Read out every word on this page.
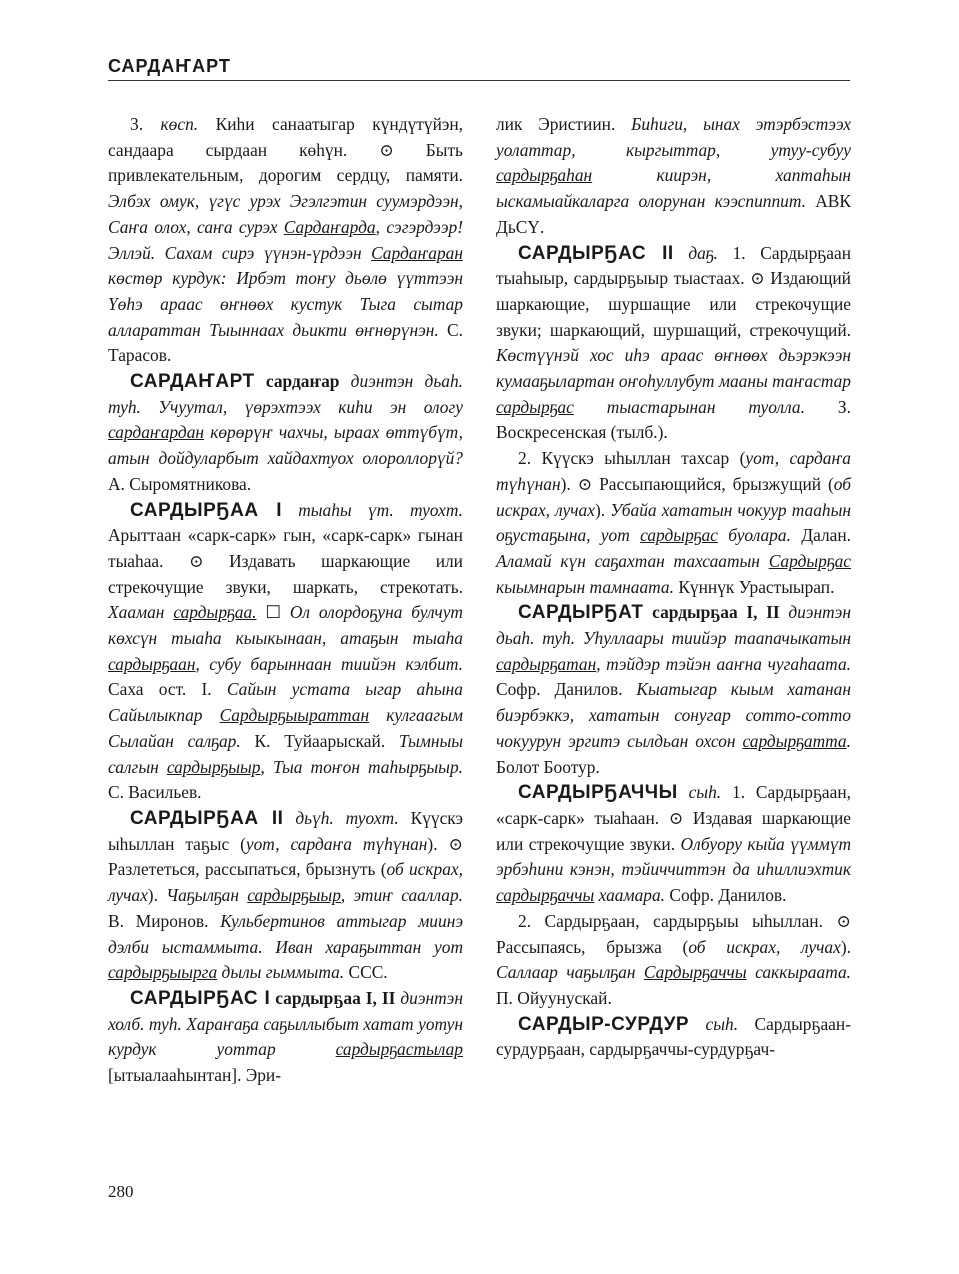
САРДАҤАРТ

3. көсп. Киһи санаатыгар күндүтүйэн, сандаара сырдаан көһүн. ⊙ Быть привлекательным, дорогим сердцу, памяти. Элбэх омук, үгүс урэх Эгэлгэтин суумэрдээн, Саҥа олох, саҥа сурэх Сардаҥарда, сэгэрдээр! Эллэй. Сахам сирэ үүнэн-үрдээн Сардаҥаран көстөр курдук: Ирбэт тоҥу дьөлө үүттээн Үөһэ араас өҥнөөх кустук Тыга сытар аллараттан Тыыннаах дьикти өҥнөрүнэн. С. Тарасов.

САРДАҤАРТ сардаҥар диэнтэн дьаһ. туһ. Учуутал, үөрэхтээх киһи эн ологу сардаҥардан көрөрүҥ чахчы, ыраах өттүбүт, атын дойдуларбыт хайдахтуох олороллорүй? А. Сыромятникова.

САРДЫРҔАА I тыаһы үт. туохт. Арыттаан «сарк-сарк» гын, «сарк-сарк» гынан тыаһаа. ⊙ Издавать шаркающие или стрекочущие звуки, шаркать, стрекотать. Хааман сардырҕаа. ☐ Ол олордоҕуна булчут көхсүн тыаһа кыыкынаан, атаҕын тыаһа сардырҕаан, субу барыннаан тиийэн кэлбит. Саха ост. I. Сайын устата ыгар аһына Сайылыкпар Сардырҕыыраттан кулгаагым Сылайан салҕар. К. Туйаарыскай. Тымныы салгын сардырҕыыр, Тыа тоҥон таһырҕыыр. С. Васильев.

САРДЫРҔАА II дьүһ. туохт. Күүскэ ыһыллан таҕыс (уот, сардаҥа түһүнан). ⊙ Разлететься, рассыпаться, брызнуть (об искрах, лучах). Чаҕылҕан сардырҕыыр, этиҥ сааллар. В. Миронов. Кульбертинов аттыгар миинэ дэлби ыстаммыта. Иван хараҕыттан уот сардырҕыырга дылы гыммыта. ССС.

САРДЫРҔАС I сардырҕаа I, II диэнтэн холб. туһ. Хараҥаҕа саҕыллыбыт хатат уотун курдук уоттар сардырҕастылар [ытыалааһынтан]. Эри-

лик Эристиин. Биһиги, ынах этэрбэстээх уолаттар, кыргыттар, утуу-субуу сардырҕаһан киирэн, хаптаһын ыскамыайкаларга олорунан кээспиппит. АВК ДьСҮ.

САРДЫРҔАС II даҕ. 1. Сардырҕаан тыаһыыр, сардырҕыыр тыастаах. ⊙ Издающий шаркающие, шуршащие или стрекочущие звуки; шаркающий, шуршащий, стрекочущий. Көстүүнэй хос иһэ араас өҥнөөх дьэрэкээн кумааҕылартан оҥоһуллубут мааны таҥастар сардырҕас тыастарынан туолла. З. Воскресенская (тылб.).

2. Күүскэ ыһыллан тахсар (уот, сардаҥа түһүнан). ⊙ Рассыпающийся, брызжущий (об искрах, лучах). Убайа хататын чокуур тааһын оҕустаҕына, уот сардырҕас буолара. Далан. Аламай күн саҕахтан тахсаатын Сардырҕас кыымнарын тамнаата. Күннүк Урастыырап.

САРДЫРҔАТ сардырҕаа I, II диэнтэн дьаһ. туһ. Уһуллаары тиийэр таапачыкатын сардырҕатан, тэйдэр тэйэн ааҥна чугаһаата. Софр. Данилов. Кыатыгар кыым хатанан биэрбэккэ, хататын сонугар сотто-сотто чокуурун эргитэ сылдьан охсон сардырҕатта. Болот Боотур.

САРДЫРҔАЧЧЫ сыһ. 1. Сардырҕаан, «сарк-сарк» тыаһаан. ⊙ Издавая шаркающие или стрекочущие звуки. Олбуору кыйа үүммүт эрбэһини кэнэн, тэйиччиттэн да иһиллиэхтик сардырҕаччы хаамара. Софр. Данилов.

2. Сардырҕаан, сардырҕыы ыһыллан. ⊙ Рассыпаясь, брызжа (об искрах, лучах). Саллаар чаҕылҕан Сардырҕаччы саккыраата. П. Ойуунускай.

САРДЫР-СУРДУР сыһ. Сардырҕаан-сурдурҕаан, сардырҕаччы-сурдурҕач-

280
